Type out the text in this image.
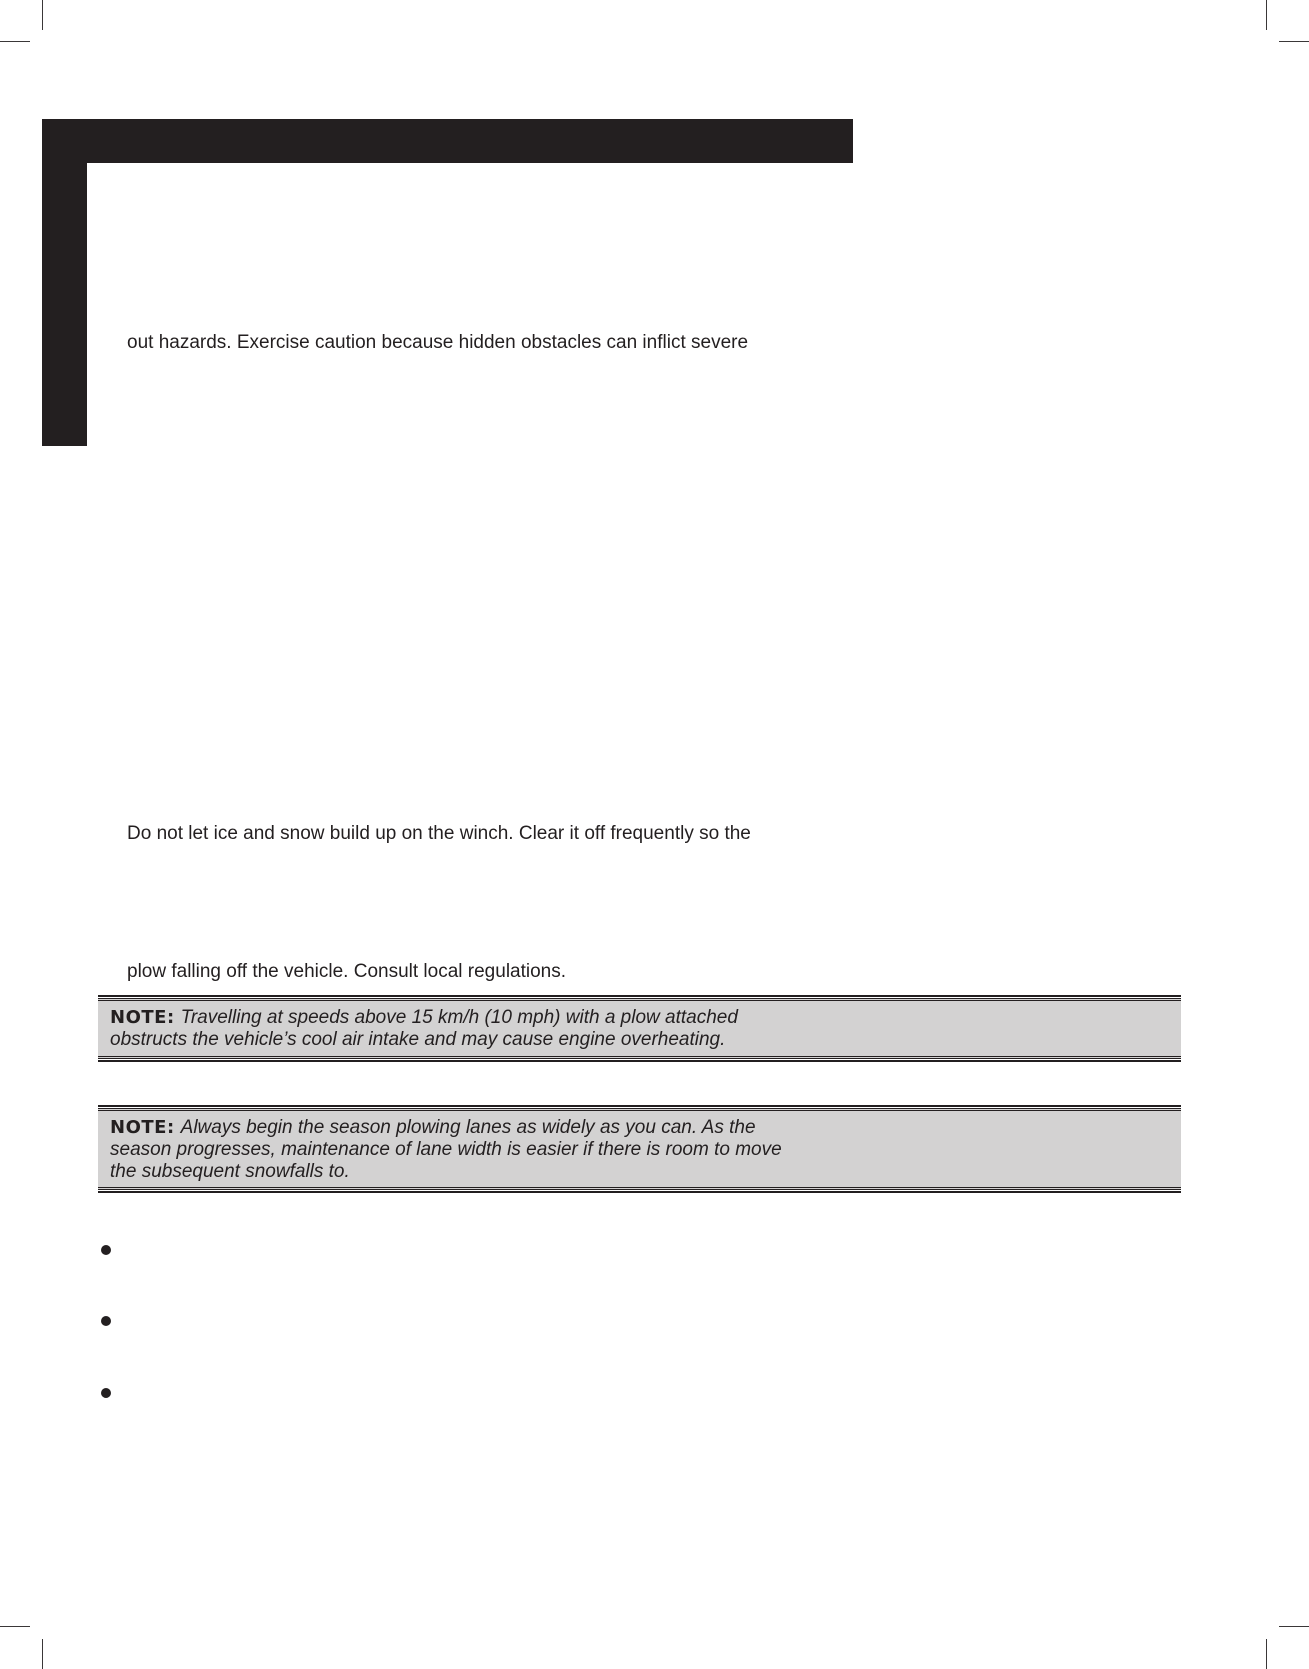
out hazards. Exercise caution because hidden obstacles can inflict severe
Do not let ice and snow build up on the winch. Clear it off frequently so the
plow falling off the vehicle. Consult local regulations.

NOTE: Travelling at speeds above 15 km/h (10 mph) with a plow attached
obstructs the vehicle’s cool air intake and may cause engine overheating.

NOTE: Always begin the season plowing lanes as widely as you can. As the
season progresses, maintenance of lane width is easier if there is room to move
the subsequent snowfalls to.
